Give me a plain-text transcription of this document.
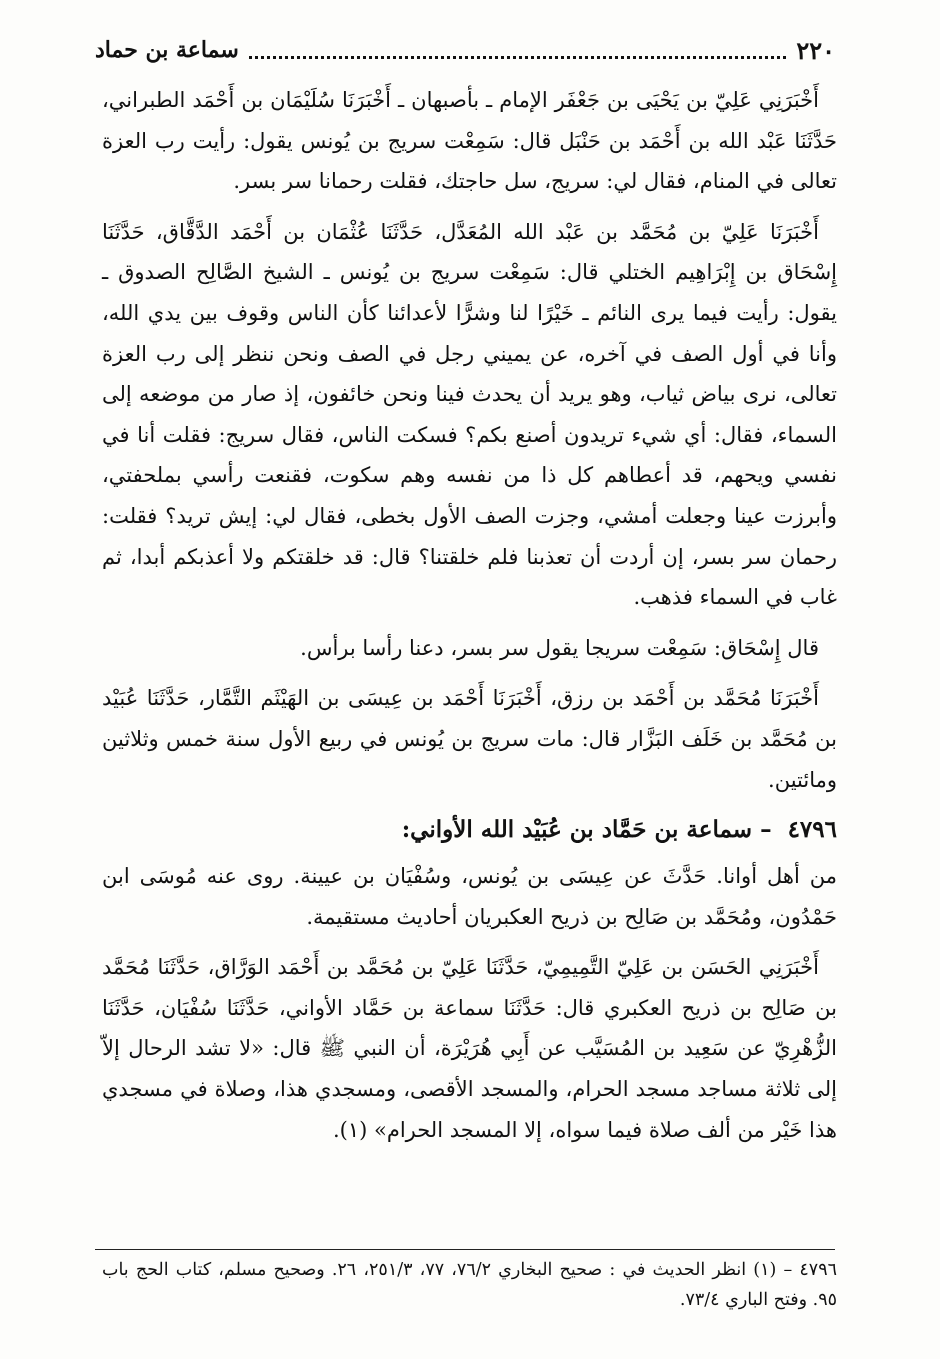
٢٢٠
سماعة بن حماد

أَخْبَرَنِي عَلِيّ بن يَحْيَى بن جَعْفَر الإمام ـ بأصبهان ـ أَخْبَرَنَا سُلَيْمَان بن أَحْمَد الطبراني، حَدَّثَنَا عَبْد الله بن أَحْمَد بن حَنْبَل قال: سَمِعْت سريج بن يُونس يقول: رأيت رب العزة تعالى في المنام، فقال لي: سريج، سل حاجتك، فقلت رحمانا سر بسر.

أَخْبَرَنَا عَلِيّ بن مُحَمَّد بن عَبْد الله المُعَدَّل، حَدَّثَنَا عُثْمَان بن أَحْمَد الدَّقَّاق، حَدَّثَنَا إِسْحَاق بن إِبْرَاهِيم الختلي قال: سَمِعْت سريج بن يُونس ـ الشيخ الصَّالِح الصدوق ـ يقول: رأيت فيما يرى النائم ـ خَيْرًا لنا وشرًّا لأعدائنا كأن الناس وقوف بين يدي الله، وأنا في أول الصف في آخره، عن يميني رجل في الصف ونحن ننظر إلى رب العزة تعالى، نرى بياض ثياب، وهو يريد أن يحدث فينا ونحن خائفون، إذ صار من موضعه إلى السماء، فقال: أي شيء تريدون أصنع بكم؟ فسكت الناس، فقال سريج: فقلت أنا في نفسي ويحهم، قد أعطاهم كل ذا من نفسه وهم سكوت، فقنعت رأسي بملحفتي، وأبرزت عينا وجعلت أمشي، وجزت الصف الأول بخطى، فقال لي: إيش تريد؟ فقلت: رحمان سر بسر، إن أردت أن تعذبنا فلم خلقتنا؟ قال: قد خلقتكم ولا أعذبكم أبدا، ثم غاب في السماء فذهب.

قال إِسْحَاق: سَمِعْت سريجا يقول سر بسر، دعنا رأسا برأس.

أَخْبَرَنَا مُحَمَّد بن أَحْمَد بن رزق، أَخْبَرَنَا أَحْمَد بن عِيسَى بن الهَيْثَم التَّمَّار، حَدَّثَنَا عُبَيْد بن مُحَمَّد بن خَلَف البَزَّار قال: مات سريج بن يُونس في ربيع الأول سنة خمس وثلاثين ومائتين.

٤٧٩٦ – سماعة بن حَمَّاد بن عُبَيْد الله الأواني:

من أهل أوانا. حَدَّثَ عن عِيسَى بن يُونس، وسُفْيَان بن عيينة. روى عنه مُوسَى ابن حَمْدُون، ومُحَمَّد بن صَالِح بن ذريح العكبريان أحاديث مستقيمة.

أَخْبَرَنِي الحَسَن بن عَلِيّ التَّمِيمِيّ، حَدَّثَنَا عَلِيّ بن مُحَمَّد بن أَحْمَد الوَرَّاق، حَدَّثَنَا مُحَمَّد بن صَالِح بن ذريح العكبري قال: حَدَّثَنَا سماعة بن حَمَّاد الأواني، حَدَّثَنَا سُفْيَان، حَدَّثَنَا الزُّهْرِيّ عن سَعِيد بن المُسَيَّب عن أَبِي هُرَيْرَة، أن النبي ﷺ قال: «لا تشد الرحال إلاّ إلى ثلاثة مساجد مسجد الحرام، والمسجد الأقصى، ومسجدي هذا، وصلاة في مسجدي هذا خَيْر من ألف صلاة فيما سواه، إلا المسجد الحرام» (١).

٤٧٩٦ – (١) انظر الحديث في : صحيح البخاري ٧٦/٢، ٧٧، ٢٥١/٣، ٢٦. وصحيح مسلم، كتاب الحج باب ٩٥. وفتح الباري ٧٣/٤.
